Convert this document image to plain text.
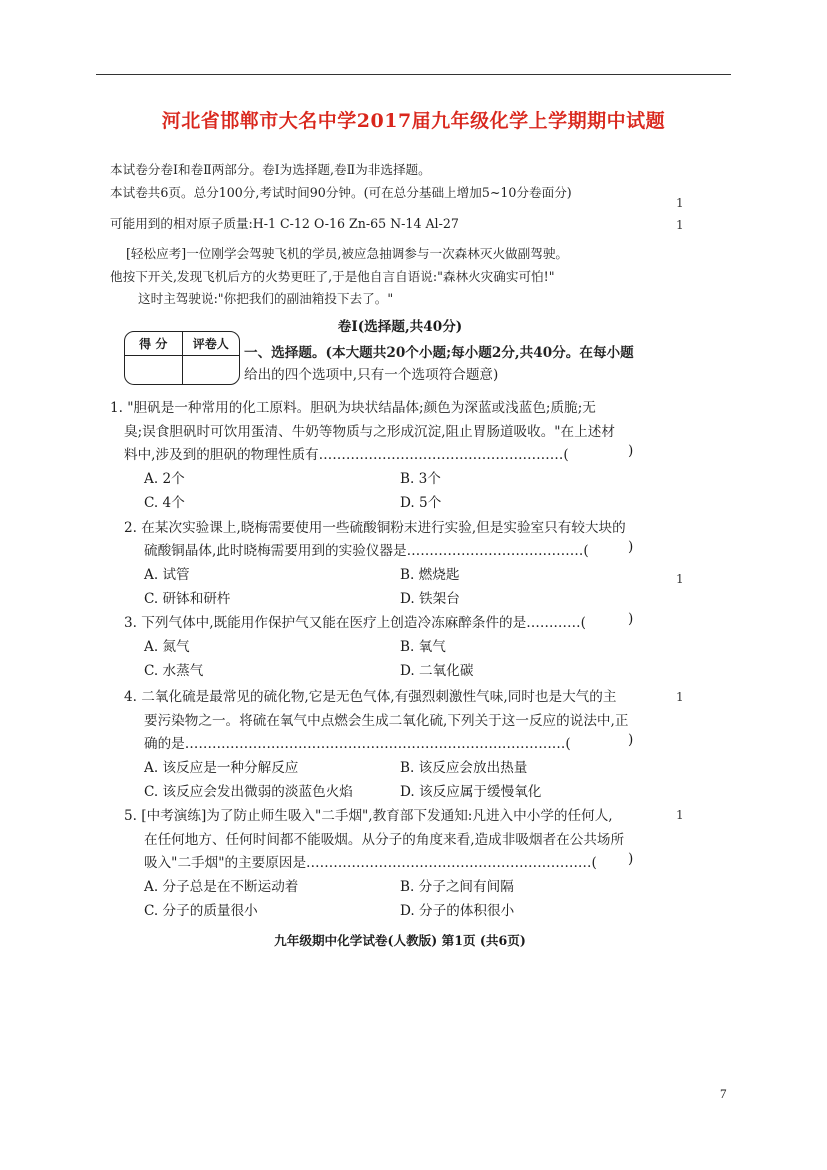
河北省邯郸市大名中学2017届九年级化学上学期期中试题
本试卷分卷Ⅰ和卷Ⅱ两部分。卷Ⅰ为选择题,卷Ⅱ为非选择题。
本试卷共6页。总分100分,考试时间90分钟。(可在总分基础上增加5~10分卷面分)
可能用到的相对原子质量:H-1 C-12 O-16 Zn-65 N-14 Al-27
[轻松应考]一位刚学会驾驶飞机的学员,被应急抽调参与一次森林灭火做副驾驶。
他按下开关,发现飞机后方的火势更旺了,于是他自言自语说:"森林火灾确实可怕!"
这时主驾驶说:"你把我们的副油箱投下去了。"
卷Ⅰ(选择题,共40分)
得 分	评卷人
一、选择题。(本大题共20个小题;每小题2分,共40分。在每小题
给出的四个选项中,只有一个选项符合题意)
1. "胆矾是一种常用的化工原料。胆矾为块状结晶体;颜色为深蓝或浅蓝色;质脆;无
臭;误食胆矾时可饮用蛋清、牛奶等物质与之形成沉淀,阻止胃肠道吸收。"在上述材
料中,涉及到的胆矾的物理性质有………………………………………………(	)
A. 2个	B. 3个
C. 4个	D. 5个
2. 在某次实验课上,晓梅需要使用一些硫酸铜粉末进行实验,但是实验室只有较大块的
硫酸铜晶体,此时晓梅需要用到的实验仪器是…………………………………(	)
A. 试管	B. 燃烧匙
C. 研钵和研杵	D. 铁架台
3. 下列气体中,既能用作保护气又能在医疗上创造冷冻麻醉条件的是…………(	)
A. 氮气	B. 氧气
C. 水蒸气	D. 二氧化碳
4. 二氧化硫是最常见的硫化物,它是无色气体,有强烈刺激性气味,同时也是大气的主
要污染物之一。将硫在氧气中点燃会生成二氧化硫,下列关于这一反应的说法中,正
确的是…………………………………………………………………………(	)
A. 该反应是一种分解反应	B. 该反应会放出热量
C. 该反应会发出微弱的淡蓝色火焰	D. 该反应属于缓慢氧化
5. [中考演练]为了防止师生吸入"二手烟",教育部下发通知:凡进入中小学的任何人,
在任何地方、任何时间都不能吸烟。从分子的角度来看,造成非吸烟者在公共场所
吸入"二手烟"的主要原因是………………………………………………………( )
A. 分子总是在不断运动着	B. 分子之间有间隔
C. 分子的质量很小	D. 分子的体积很小
九年级期中化学试卷(人教版) 第1页 (共6页)
1
1
1
1
1
7
